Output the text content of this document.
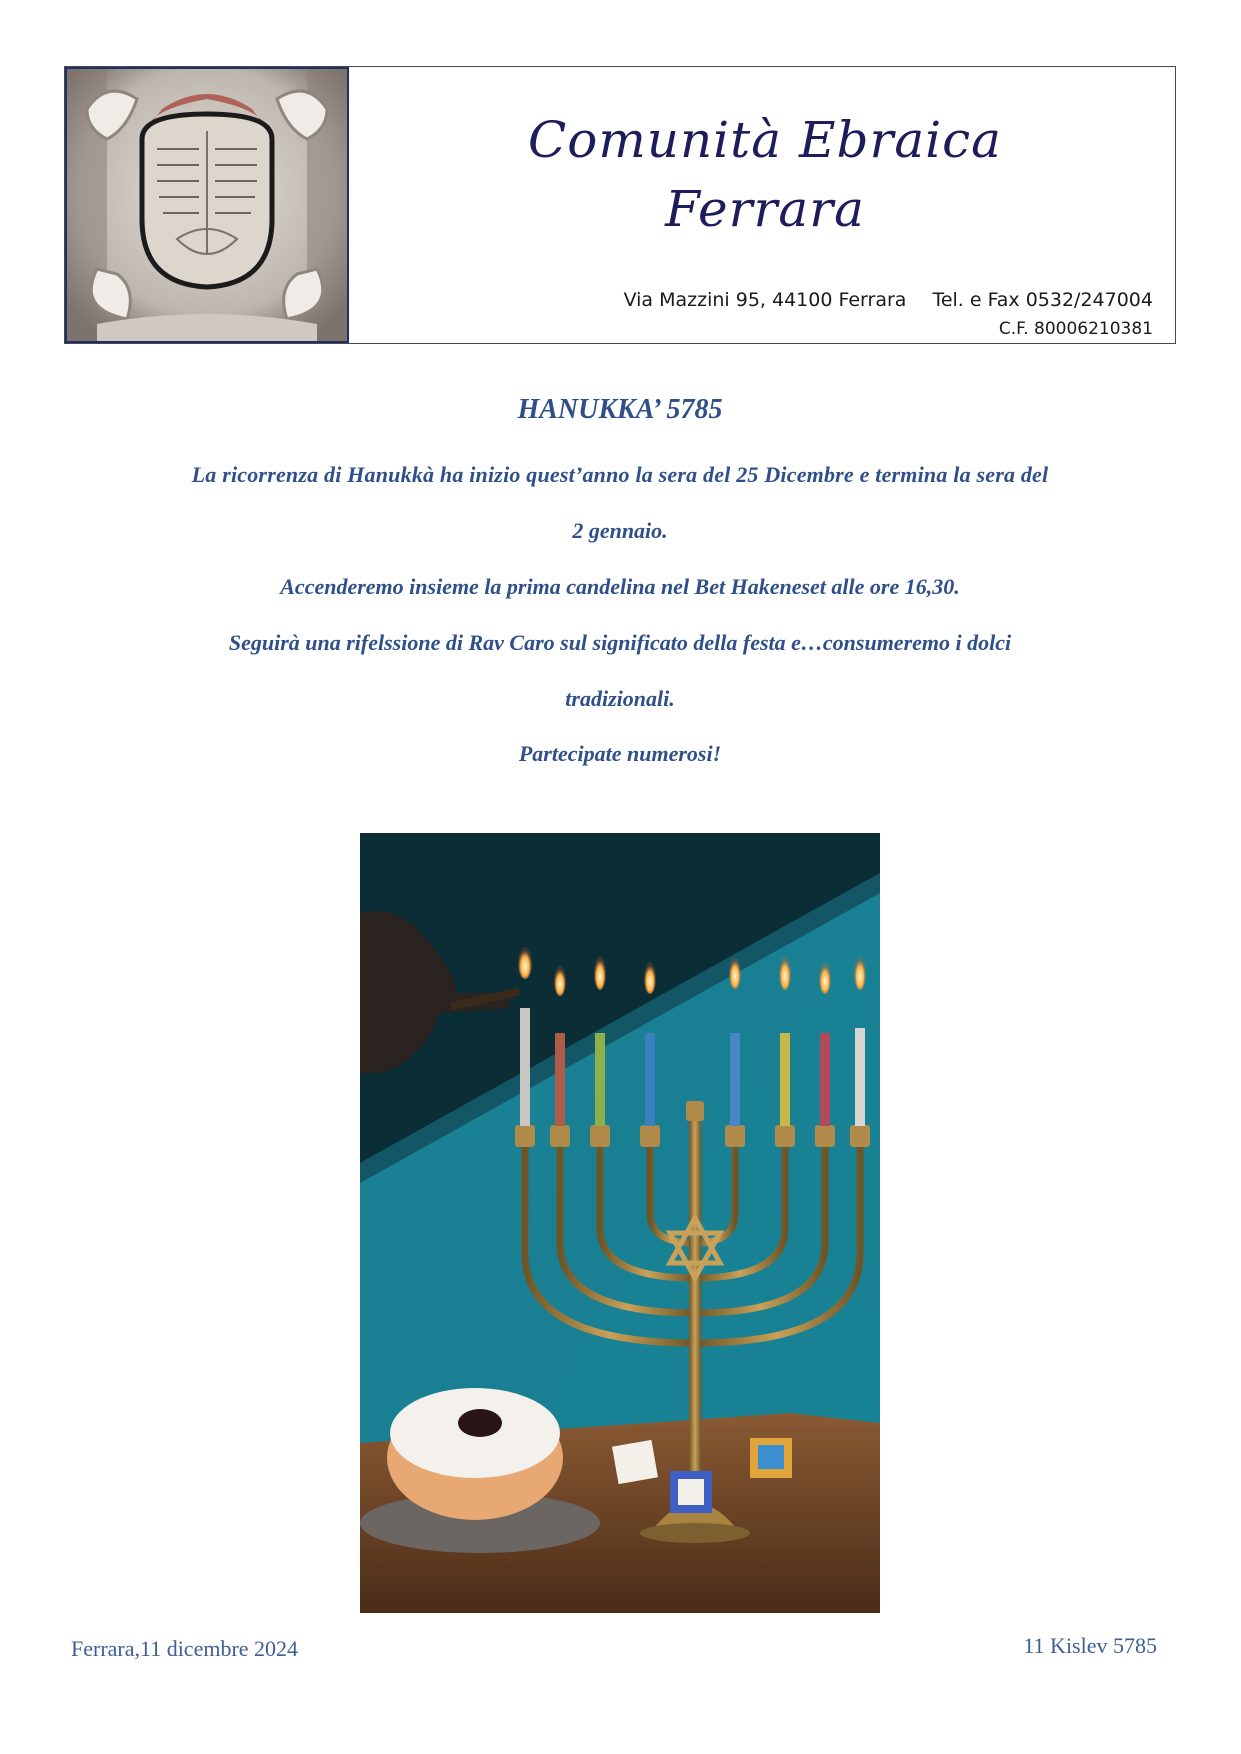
Comunità Ebraica
Ferrara
Via Mazzini 95, 44100 Ferrara Tel. e Fax 0532/247004
C.F. 80006210381
HANUKKA’ 5785
La ricorrenza di Hanukkà ha inizio quest’anno la sera del 25 Dicembre e termina la sera del
2 gennaio.
Accenderemo insieme la prima candelina nel Bet Hakeneset alle ore 16,30.
Seguirà una rifelssione di Rav Caro sul significato della festa e…consumeremo i dolci
tradizionali.
Partecipate numerosi!
Ferrara,11 dicembre 2024	11 Kislev 5785
